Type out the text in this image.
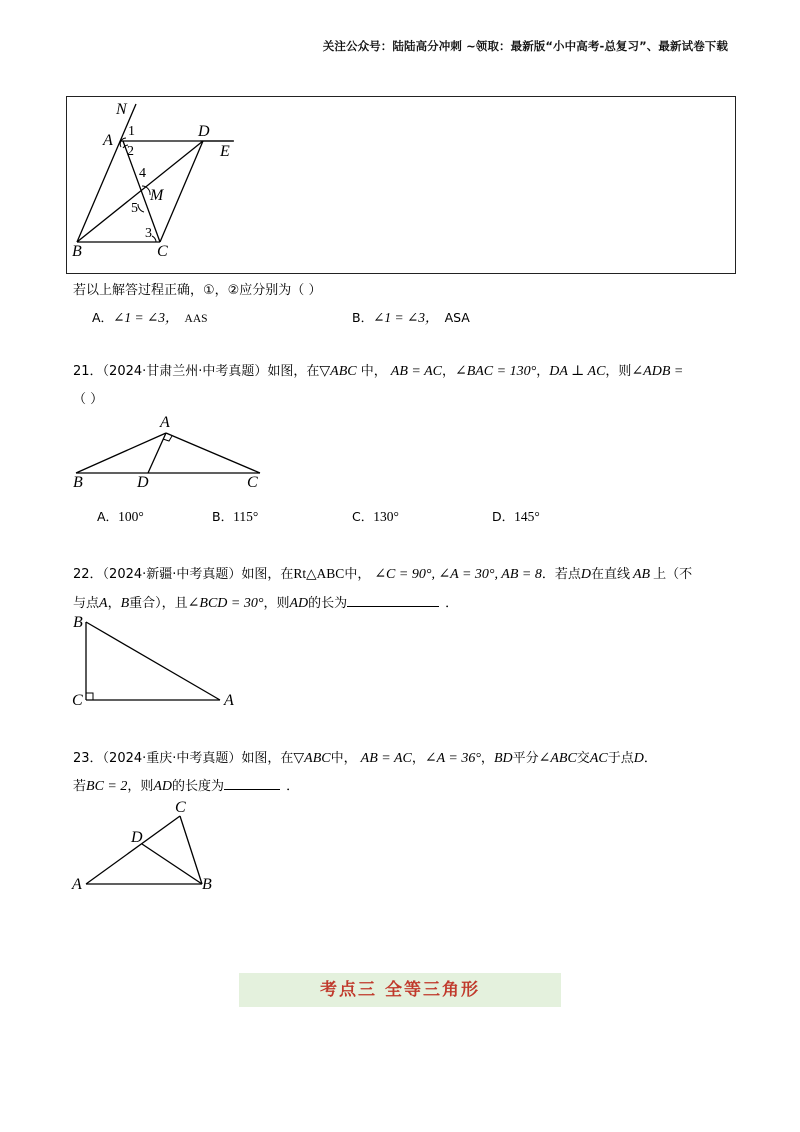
关注公众号：陆陆高分冲刺 ~领取：最新版“小中高考-总复习”、最新试卷下载
N
A
1
2
D
E
4
M
5
3
B	C
若以上解答过程正确，①，②应分别为（ ）
A．∠1 = ∠3， AAS	B．∠1 = ∠3， ASA
21．（2024·甘肃兰州·中考真题）如图，在▽ABC 中， AB = AC，∠BAC = 130°，DA ⊥ AC，则∠ADB =
（ ）
A
B	D	C
A．100°	B．115°	C．130°	D．145°
22．（2024·新疆·中考真题）如图，在Rt△ABC中， ∠C = 90°, ∠A = 30°, AB = 8．若点D在直线 AB 上（不
与点A，B重合），且∠BCD = 30°，则AD的长为	．
B
C	A
23．（2024·重庆·中考真题）如图，在▽ABC中， AB = AC，∠A = 36°，BD平分∠ABC交AC于点D．
若BC = 2，则AD的长度为	．
C
D
A	B
考点三 全等三角形
